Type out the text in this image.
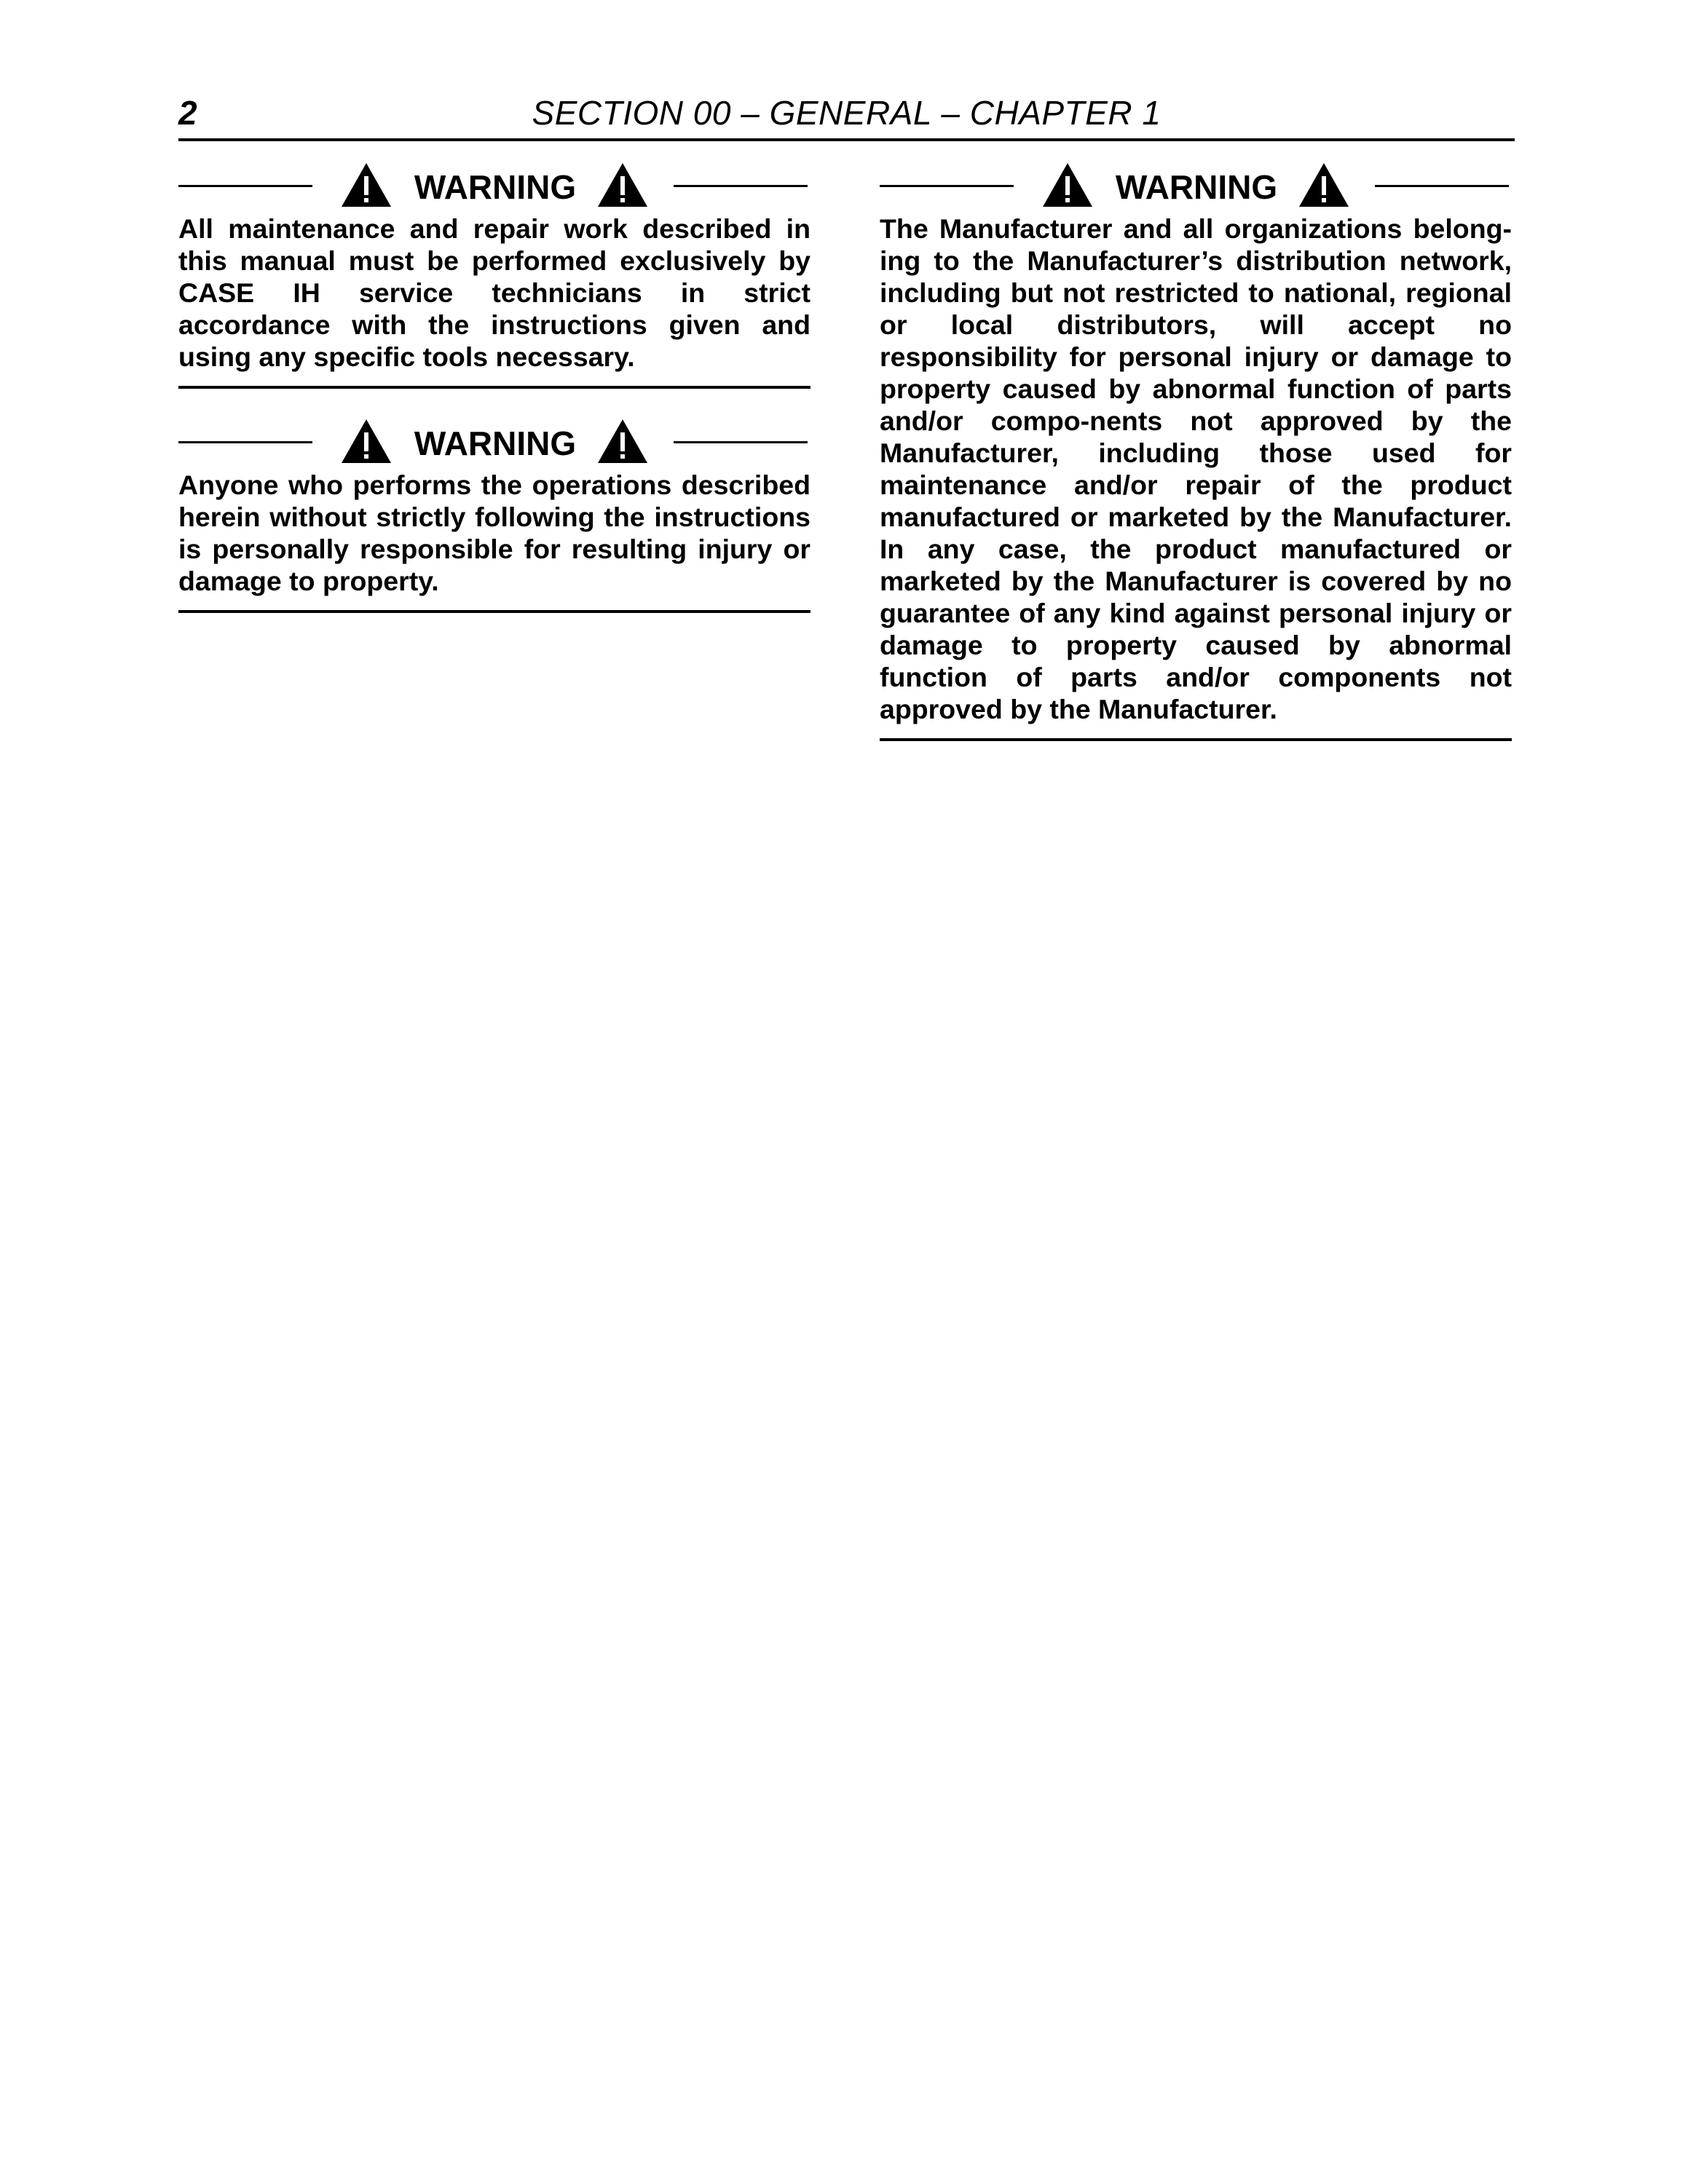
2	SECTION 00 – GENERAL – CHAPTER 1
WARNING

All maintenance and repair work described in this manual must be performed exclusively by CASE IH service technicians in strict accordance with the instructions given and using any specific tools necessary.

WARNING

Anyone who performs the operations described herein without strictly following the instructions is personally responsible for resulting injury or damage to property.

WARNING

The Manufacturer and all organizations belong-ing to the Manufacturer’s distribution network, including but not restricted to national, regional or local distributors, will accept no responsibility for personal injury or damage to property caused by abnormal function of parts and/or compo-nents not approved by the Manufacturer, including those used for maintenance and/or repair of the product manufactured or marketed by the Manufacturer. In any case, the product manufactured or marketed by the Manufacturer is covered by no guarantee of any kind against personal injury or damage to property caused by abnormal function of parts and/or components not approved by the Manufacturer.
